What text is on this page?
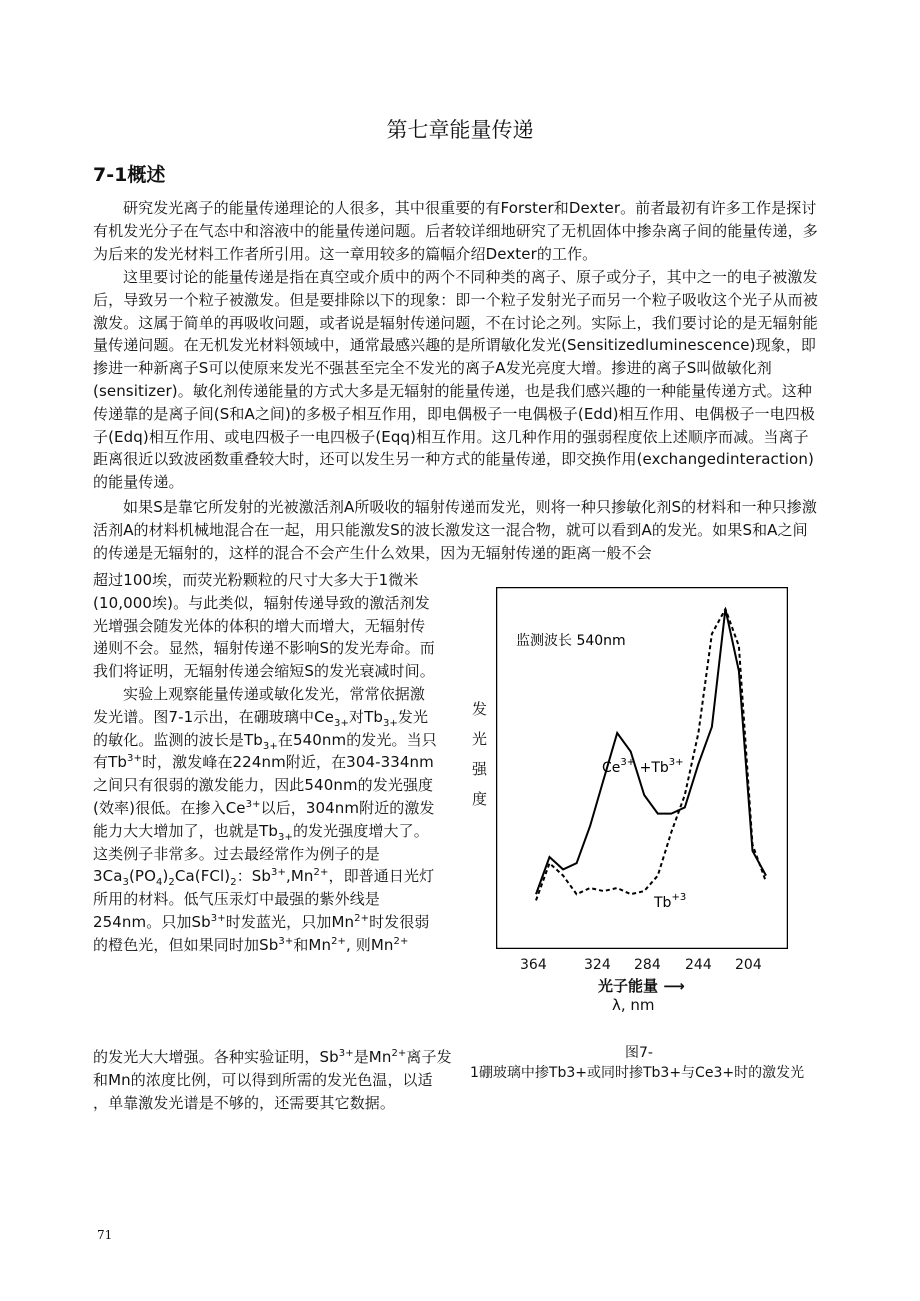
第七章能量传递
7-1概述

研究发光离子的能量传递理论的人很多，其中很重要的有Forster和Dexter。前者最初有许多工作是探讨有机发光分子在气态中和溶液中的能量传递问题。后者较详细地研究了无机固体中掺杂离子间的能量传递，多为后来的发光材料工作者所引用。这一章用较多的篇幅介绍Dexter的工作。

这里要讨论的能量传递是指在真空或介质中的两个不同种类的离子、原子或分子，其中之一的电子被激发后，导致另一个粒子被激发。但是要排除以下的现象：即一个粒子发射光子而另一个粒子吸收这个光子从而被激发。这属于简单的再吸收问题，或者说是辐射传递问题，不在讨论之列。实际上，我们要讨论的是无辐射能量传递问题。在无机发光材料领域中，通常最感兴趣的是所谓敏化发光(Sensitizedluminescence)现象，即掺进一种新离子S可以使原来发光不强甚至完全不发光的离子A发光亮度大增。掺进的离子S叫做敏化剂(sensitizer)。敏化剂传递能量的方式大多是无辐射的能量传递，也是我们感兴趣的一种能量传递方式。这种传递靠的是离子间(S和A之间)的多极子相互作用，即电偶极子一电偶极子(Edd)相互作用、电偶极子一电四极子(Edq)相互作用、或电四极子一电四极子(Eqq)相互作用。这几种作用的强弱程度依上述顺序而减。当离子距离很近以致波函数重叠较大时，还可以发生另一种方式的能量传递，即交换作用(exchangedinteraction)的能量传递。

如果S是靠它所发射的光被激活剂A所吸收的辐射传递而发光，则将一种只掺敏化剂S的材料和一种只掺激活剂A的材料机械地混合在一起，用只能激发S的波长激发这一混合物，就可以看到A的发光。如果S和A之间的传递是无辐射的，这样的混合不会产生什么效果，因为无辐射传递的距离一般不会

超过100埃，而荧光粉颗粒的尺寸大多大于1微米

(10,000埃)。与此类似，辐射传递导致的激活剂发光增强会随发光体的体积的增大而增大，无辐射传递则不会。显然，辐射传递不影响S的发光寿命。而我们将证明，无辐射传递会缩短S的发光衰减时间。

实验上观察能量传递或敏化发光，常常依据激发光谱。图7-1示出，在硼玻璃中$Ce_{3+}$对$Tb_{3+}$发光的敏化。监测的波长是$Tb_{3+}$在540nm的发光。当只有$Tb^{3+}$时，激发峰在224nm附近，在304-334nm之间只有很弱的激发能力，因此540nm的发光强度(效率)很低。在掺入$Ce^{3+}$以后，304nm附近的激发能力大大增加了，也就是$Tb_{3+}$的发光强度增大了。这类例子非常多。过去最经常作为例子的是$3Ca_3(PO_4)_2Ca(FCl)_2$：$Sb^{3+},Mn^{2+}$，即普通日光灯所用的材料。低气压汞灯中最强的紫外线是254nm。只加$Sb^{3+}$时发蓝光，只加$Mn^{2+}$时发很弱的橙色光，但如果同时加$Sb^{3+}$和$Mn^{2+}$, 则$Mn^{2+}$

的发光大大增强。各种实验证明，$Sb^{3+}$是$Mn^{2+}$离子发

和Mn的浓度比例，可以得到所需的发光色温，以适

，单靠激发光谱是不够的，还需要其它数据。

监测波长 540nm
$Ce^{3+} +Tb^{3+}$
$Tb^{+3}$
发
光
强
度
364	324 284 244 204
光子能量 ⟶
λ, nm
图7-
1硼玻璃中掺Tb3+或同时掺Tb3+与Ce3+时的激发光
71
